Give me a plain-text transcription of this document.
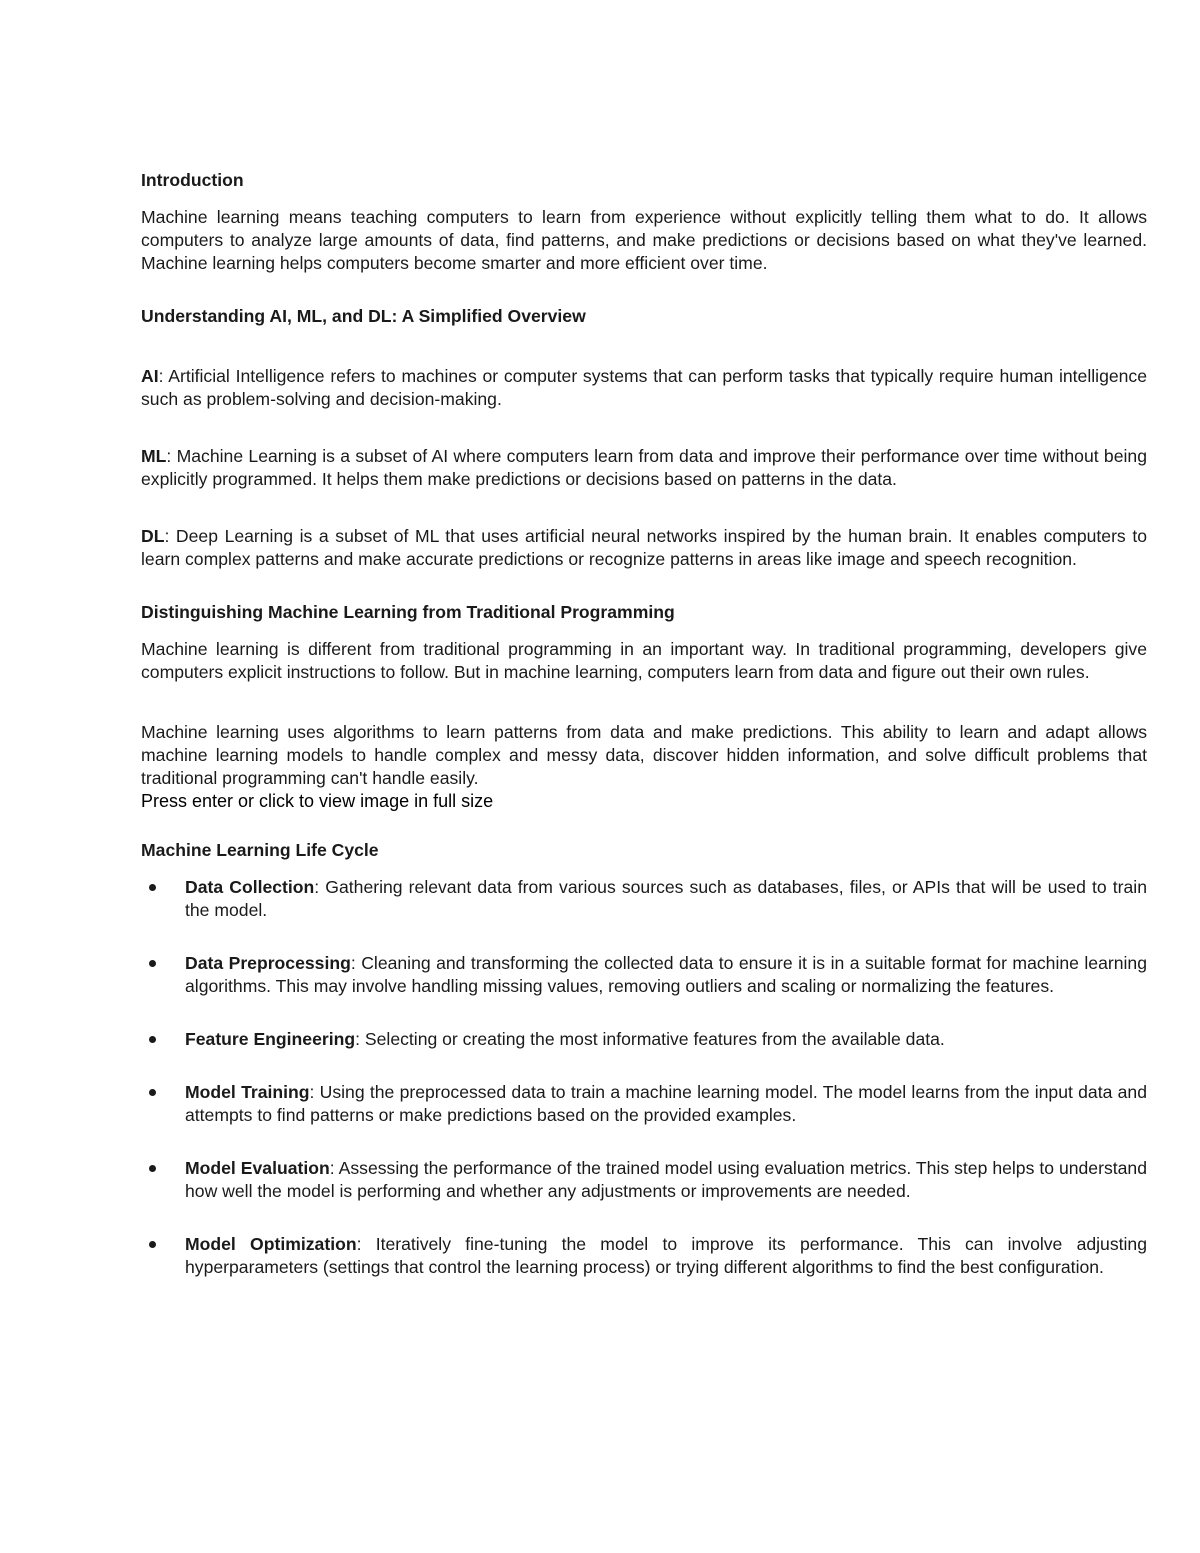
Introduction

Machine learning means teaching computers to learn from experience without explicitly telling them what to do. It allows computers to analyze large amounts of data, find patterns, and make predictions or decisions based on what they've learned. Machine learning helps computers become smarter and more efficient over time.

Understanding AI, ML, and DL: A Simplified Overview

AI: Artificial Intelligence refers to machines or computer systems that can perform tasks that typically require human intelligence such as problem-solving and decision-making.

ML: Machine Learning is a subset of AI where computers learn from data and improve their performance over time without being explicitly programmed. It helps them make predictions or decisions based on patterns in the data.

DL: Deep Learning is a subset of ML that uses artificial neural networks inspired by the human brain. It enables computers to learn complex patterns and make accurate predictions or recognize patterns in areas like image and speech recognition.

Distinguishing Machine Learning from Traditional Programming

Machine learning is different from traditional programming in an important way. In traditional programming, developers give computers explicit instructions to follow. But in machine learning, computers learn from data and figure out their own rules.

Machine learning uses algorithms to learn patterns from data and make predictions. This ability to learn and adapt allows machine learning models to handle complex and messy data, discover hidden information, and solve difficult problems that traditional programming can't handle easily.

Press enter or click to view image in full size

Machine Learning Life Cycle
Data Collection: Gathering relevant data from various sources such as databases, files, or APIs that will be used to train the model.
Data Preprocessing: Cleaning and transforming the collected data to ensure it is in a suitable format for machine learning algorithms. This may involve handling missing values, removing outliers and scaling or normalizing the features.
Feature Engineering: Selecting or creating the most informative features from the available data.
Model Training: Using the preprocessed data to train a machine learning model. The model learns from the input data and attempts to find patterns or make predictions based on the provided examples.
Model Evaluation: Assessing the performance of the trained model using evaluation metrics. This step helps to understand how well the model is performing and whether any adjustments or improvements are needed.
Model Optimization: Iteratively fine-tuning the model to improve its performance. This can involve adjusting hyperparameters (settings that control the learning process) or trying different algorithms to find the best configuration.
